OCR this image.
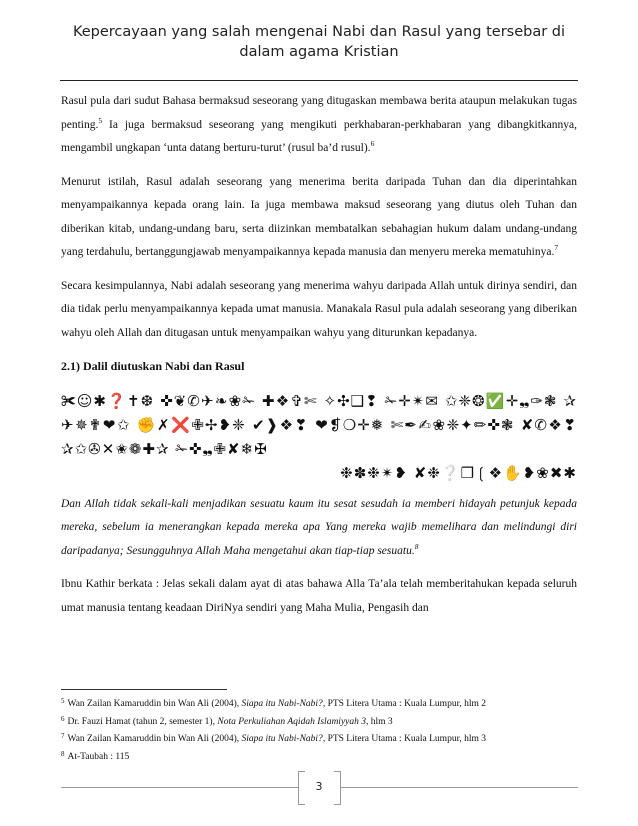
Kepercayaan yang salah mengenai Nabi dan Rasul yang tersebar di
dalam agama Kristian

Rasul pula dari sudut Bahasa bermaksud seseorang yang ditugaskan membawa berita ataupun melakukan tugas penting.$^5$ Ia juga bermaksud seseorang yang mengikuti perkhabaran-perkhabaran yang dibangkitkannya, mengambil ungkapan ‘unta datang berturu-turut’ (rusul ba’d rusul).$^6$

Menurut istilah, Rasul adalah seseorang yang menerima berita daripada Tuhan dan dia diperintahkan menyampaikannya kepada orang lain. Ia juga membawa maksud seseorang yang diutus oleh Tuhan dan diberikan kitab, undang-undang baru, serta diizinkan membatalkan sebahagian hukum dalam undang-undang yang terdahulu, bertanggungjawab menyampaikannya kepada manusia dan menyeru mereka mematuhinya.$^7$

Secara kesimpulannya, Nabi adalah seseorang yang menerima wahyu daripada Allah untuk dirinya sendiri, dan dia tidak perlu menyampaikannya kepada umat manusia. Manakala Rasul pula adalah seseorang yang diberikan wahyu oleh Allah dan ditugasan untuk menyampaikan wahyu yang diturunkan kepadanya.

2.1) Dalil diutuskan Nabi dan Rasul
✀☺✱❓✝❆ ✜❦✆✈❧❀✁ ✚❖✞✄ ✧✣❑❢ ✁✛✴✉ ✩❈❂✅✛❠✑❃ ✰✈✵✟❤✩ ✊✗❌✙✢❥❈ ✔❱❖❣ ❤❡❍✛❅ ✄✒✍❀❈✦✏✜❃ ✘✆❖❣ ✰✩✇✕✬❁✚✰ ✁✜❠✙✘❄✠
❉✽❉✴❥ ✘❉❔❒❲❖✋❥❀✖✱

Dan Allah tidak sekali-kali menjadikan sesuatu kaum itu sesat sesudah ia memberi hidayah petunjuk kepada mereka, sebelum ia menerangkan kepada mereka apa Yang mereka wajib memelihara dan melindungi diri daripadanya; Sesungguhnya Allah Maha mengetahui akan tiap-tiap sesuatu.$^8$

Ibnu Kathir berkata : Jelas sekali dalam ayat di atas bahawa Alla Ta’ala telah memberitahukan kepada seluruh umat manusia tentang keadaan DiriNya sendiri yang Maha Mulia, Pengasih dan

$^5$ Wan Zailan Kamaruddin bin Wan Ali (2004), Siapa itu Nabi-Nabi?, PTS Litera Utama : Kuala Lumpur, hlm 2
$^6$ Dr. Fauzi Hamat (tahun 2, semester 1), Nota Perkuliahan Aqidah Islamiyyah 3, hlm 3
$^7$ Wan Zailan Kamaruddin bin Wan Ali (2004), Siapa itu Nabi-Nabi?, PTS Litera Utama : Kuala Lumpur, hlm 3
$^8$ At-Taubah : 115
3
